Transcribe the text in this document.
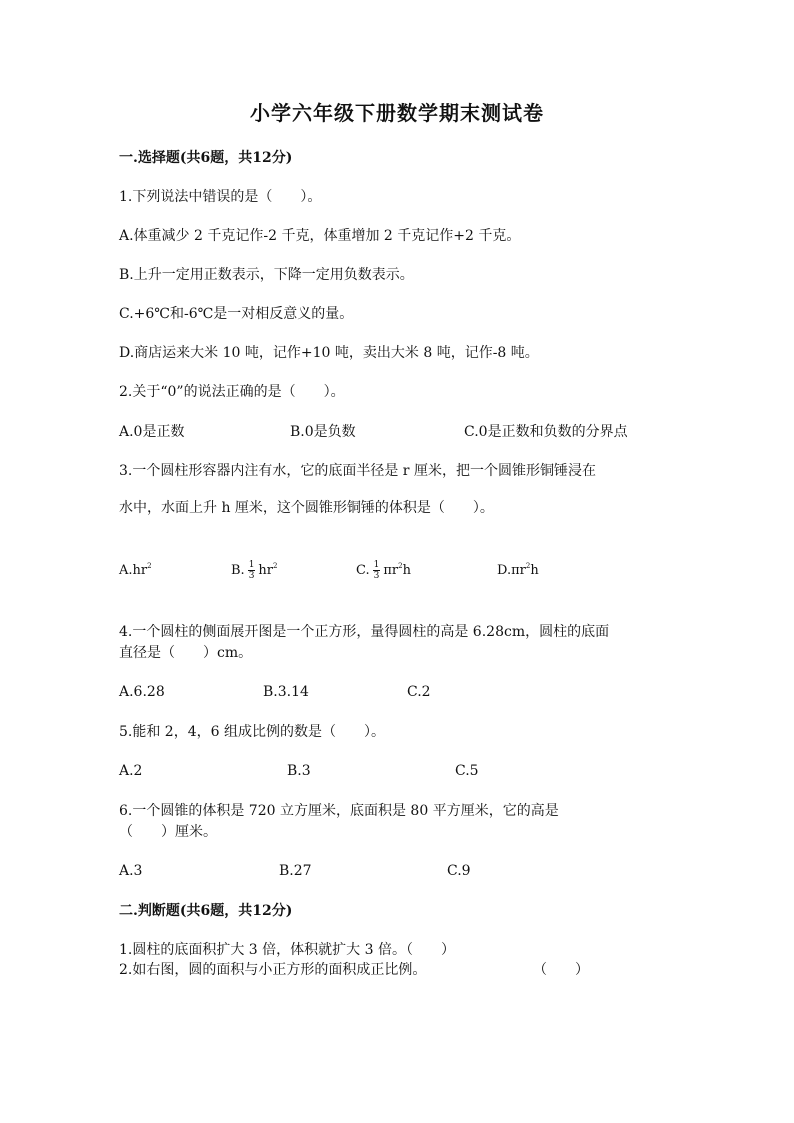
小学六年级下册数学期末测试卷
一.选择题(共6题，共12分)
1.下列说法中错误的是（　　）。
A.体重减少 2 千克记作-2 千克，体重增加 2 千克记作+2 千克。
B.上升一定用正数表示，下降一定用负数表示。
C.+6℃和-6℃是一对相反意义的量。
D.商店运来大米 10 吨，记作+10 吨，卖出大米 8 吨，记作-8 吨。
2.关于“0”的说法正确的是（　　）。
A.0是正数	B.0是负数	C.0是正数和负数的分界点
3.一个圆柱形容器内注有水，它的底面半径是 r 厘米，把一个圆锥形铜锤浸在
水中，水面上升 h 厘米，这个圆锥形铜锤的体积是（　　）。
$A.hr^2$	B. $\frac{1}{3} hr^2$	C. $\frac{1}{3} \pi r^2h$	$D.\pi r^2h$
4.一个圆柱的侧面展开图是一个正方形，量得圆柱的高是 6.28cm，圆柱的底面
直径是（　　）cm。
A.6.28	B.3.14	C.2
5.能和 2，4，6 组成比例的数是（　　）。
A.2	B.3	C.5
6.一个圆锥的体积是 720 立方厘米，底面积是 80 平方厘米，它的高是
（　　）厘米。
A.3	B.27	C.9
二.判断题(共6题，共12分)
1.圆柱的底面积扩大 3 倍，体积就扩大 3 倍。（　　）
2.如右图，圆的面积与小正方形的面积成正比例。	（　　）
